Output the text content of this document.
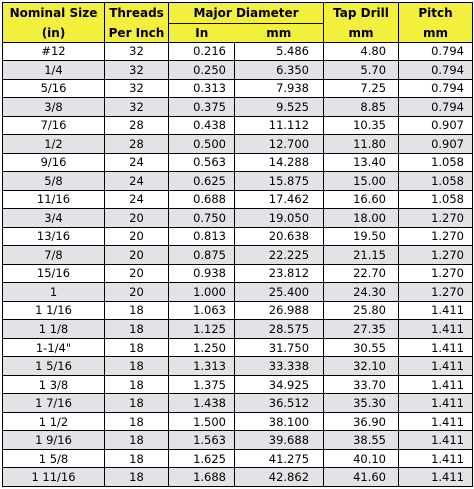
Nominal Size	Threads	Major Diameter		Tap Drill	Pitch
(in)	Per Inch	In	mm	mm	mm
#12	32	0.216	5.486	4.80	0.794
1/4	32	0.250	6.350	5.70	0.794
5/16	32	0.313	7.938	7.25	0.794
3/8	32	0.375	9.525	8.85	0.794
7/16	28	0.438	11.112	10.35	0.907
1/2	28	0.500	12.700	11.80	0.907
9/16	24	0.563	14.288	13.40	1.058
5/8	24	0.625	15.875	15.00	1.058
11/16	24	0.688	17.462	16.60	1.058
3/4	20	0.750	19.050	18.00	1.270
13/16	20	0.813	20.638	19.50	1.270
7/8	20	0.875	22.225	21.15	1.270
15/16	20	0.938	23.812	22.70	1.270
1	20	1.000	25.400	24.30	1.270
1 1/16	18	1.063	26.988	25.80	1.411
1 1/8	18	1.125	28.575	27.35	1.411
1-1/4"	18	1.250	31.750	30.55	1.411
1 5/16	18	1.313	33.338	32.10	1.411
1 3/8	18	1.375	34.925	33.70	1.411
1 7/16	18	1.438	36.512	35.30	1.411
1 1/2	18	1.500	38.100	36.90	1.411
1 9/16	18	1.563	39.688	38.55	1.411
1 5/8	18	1.625	41.275	40.10	1.411
1 11/16	18	1.688	42.862	41.60	1.411
